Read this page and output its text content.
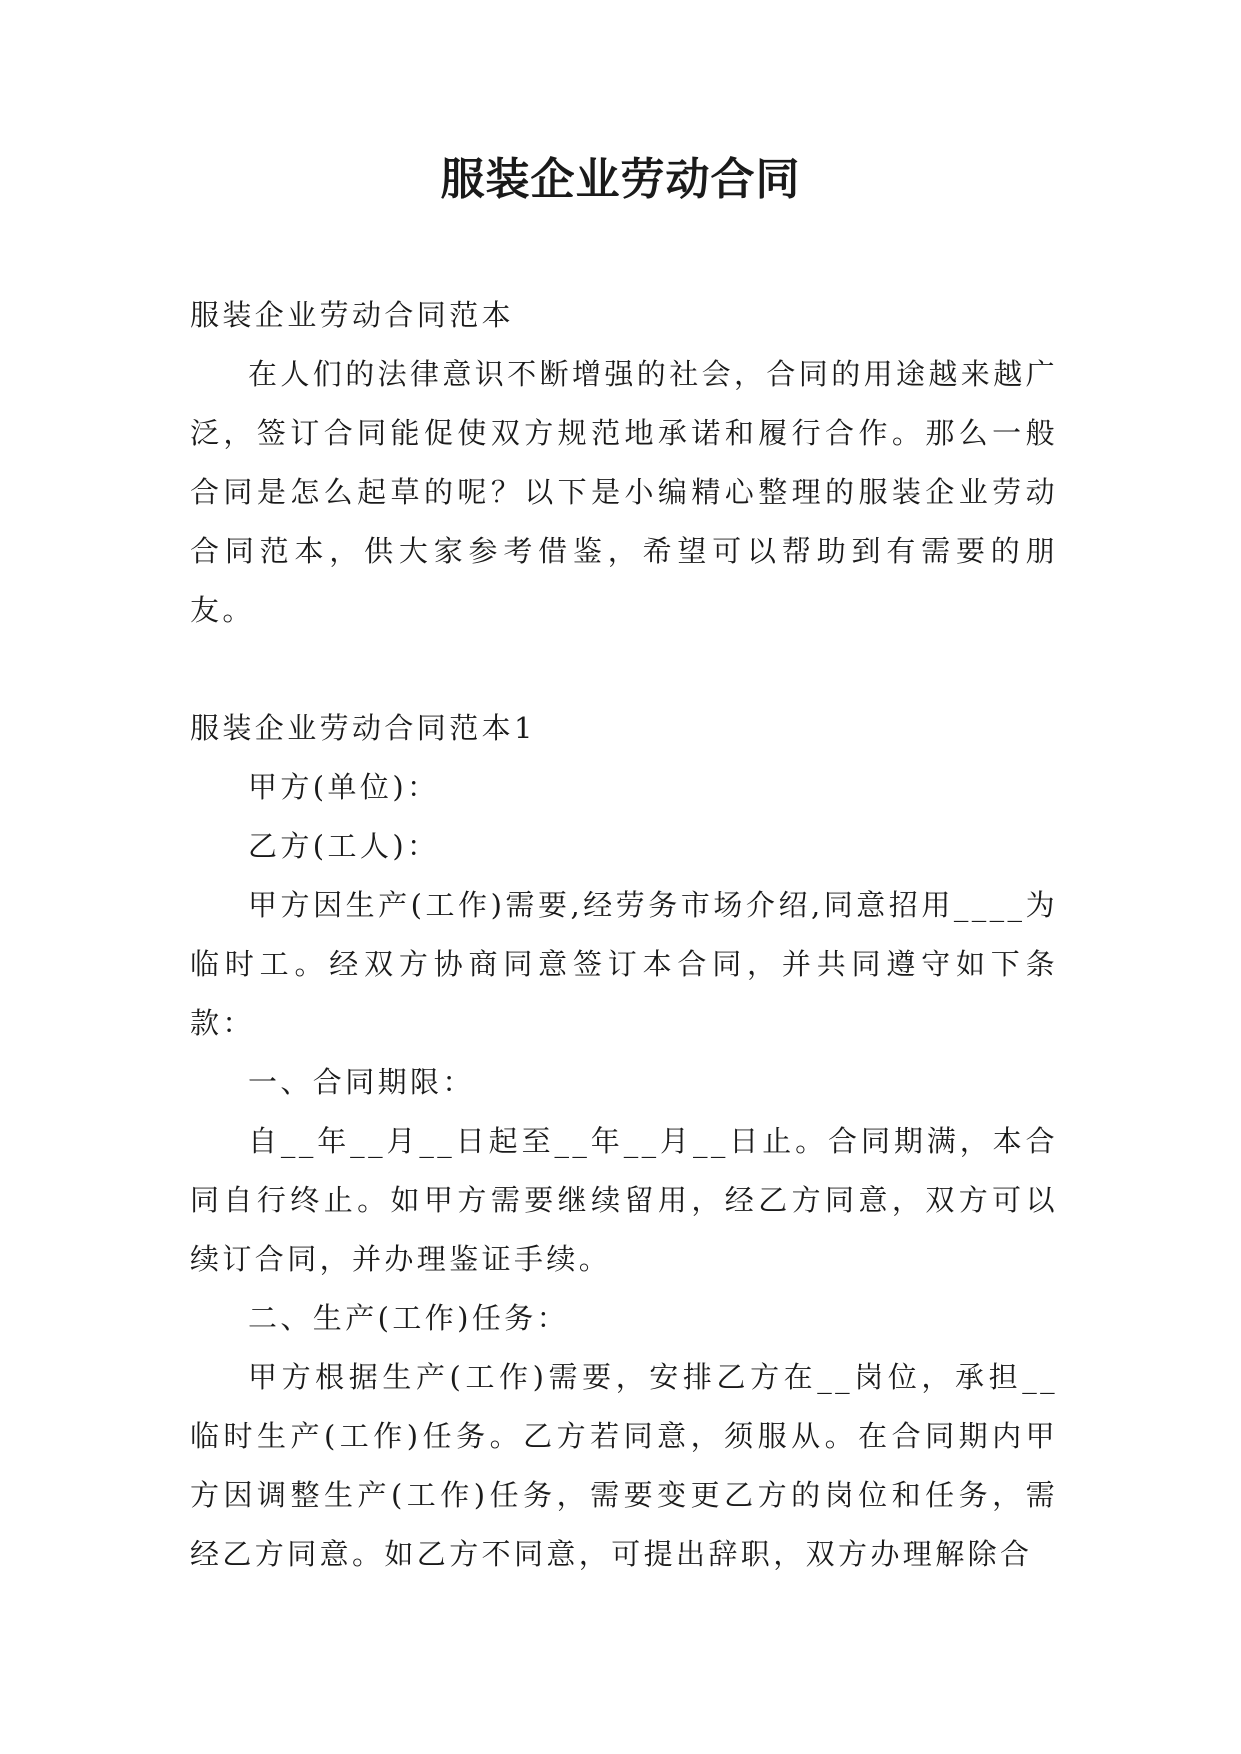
服装企业劳动合同

服装企业劳动合同范本

在人们的法律意识不断增强的社会，合同的用途越来越广泛，签订合同能促使双方规范地承诺和履行合作。那么一般合同是怎么起草的呢？以下是小编精心整理的服装企业劳动合同范本，供大家参考借鉴，希望可以帮助到有需要的朋友。

服装企业劳动合同范本1

甲方(单位)：

乙方(工人)：

甲方因生产(工作)需要,经劳务市场介绍,同意招用____为临时工。经双方协商同意签订本合同，并共同遵守如下条款：

一、合同期限：

自__年__月__日起至__年__月__日止。合同期满，本合同自行终止。如甲方需要继续留用，经乙方同意，双方可以续订合同，并办理鉴证手续。

二、生产(工作)任务：

甲方根据生产(工作)需要，安排乙方在__岗位，承担__临时生产(工作)任务。乙方若同意，须服从。在合同期内甲方因调整生产(工作)任务，需要变更乙方的岗位和任务，需经乙方同意。如乙方不同意，可提出辞职，双方办理解除合
